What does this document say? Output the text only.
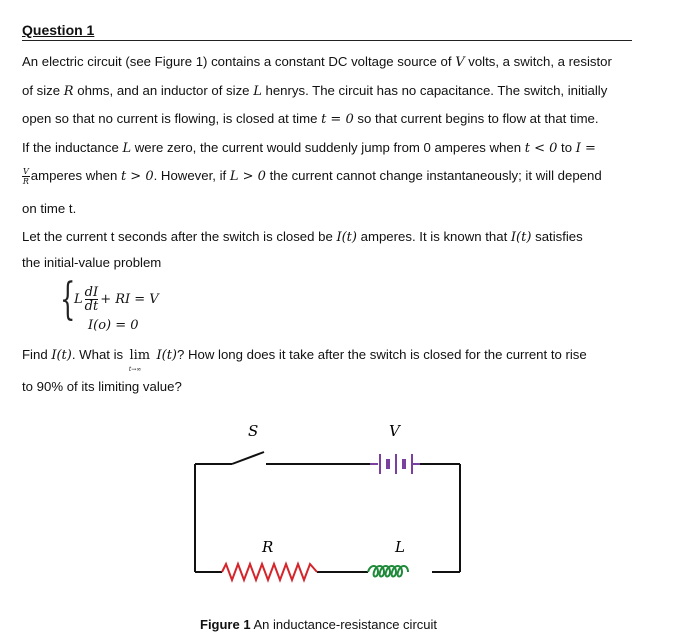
Question 1
An electric circuit (see Figure 1) contains a constant DC voltage source of V volts, a switch, a resistor
of size R ohms, and an inductor of size L henrys. The circuit has no capacitance. The switch, initially
open so that no current is flowing, is closed at time t = 0 so that current begins to flow at that time.
If the inductance L were zero, the current would suddenly jump from 0 amperes when t < 0 to I =
$\frac{V}{R}$ amperes when t > 0. However, if L > 0 the current cannot change instantaneously; it will depend
on time t.
Let the current t seconds after the switch is closed be I(t) amperes. It is known that I(t) satisfies
the initial-value problem
{
L dI
dt + RI = V
I(o) = 0
Find I(t). What is lim
t→∞
I(t)? How long does it take after the switch is closed for the current to rise
to 90% of its limiting value?
S	V
R	L
Figure 1 An inductance-resistance circuit
